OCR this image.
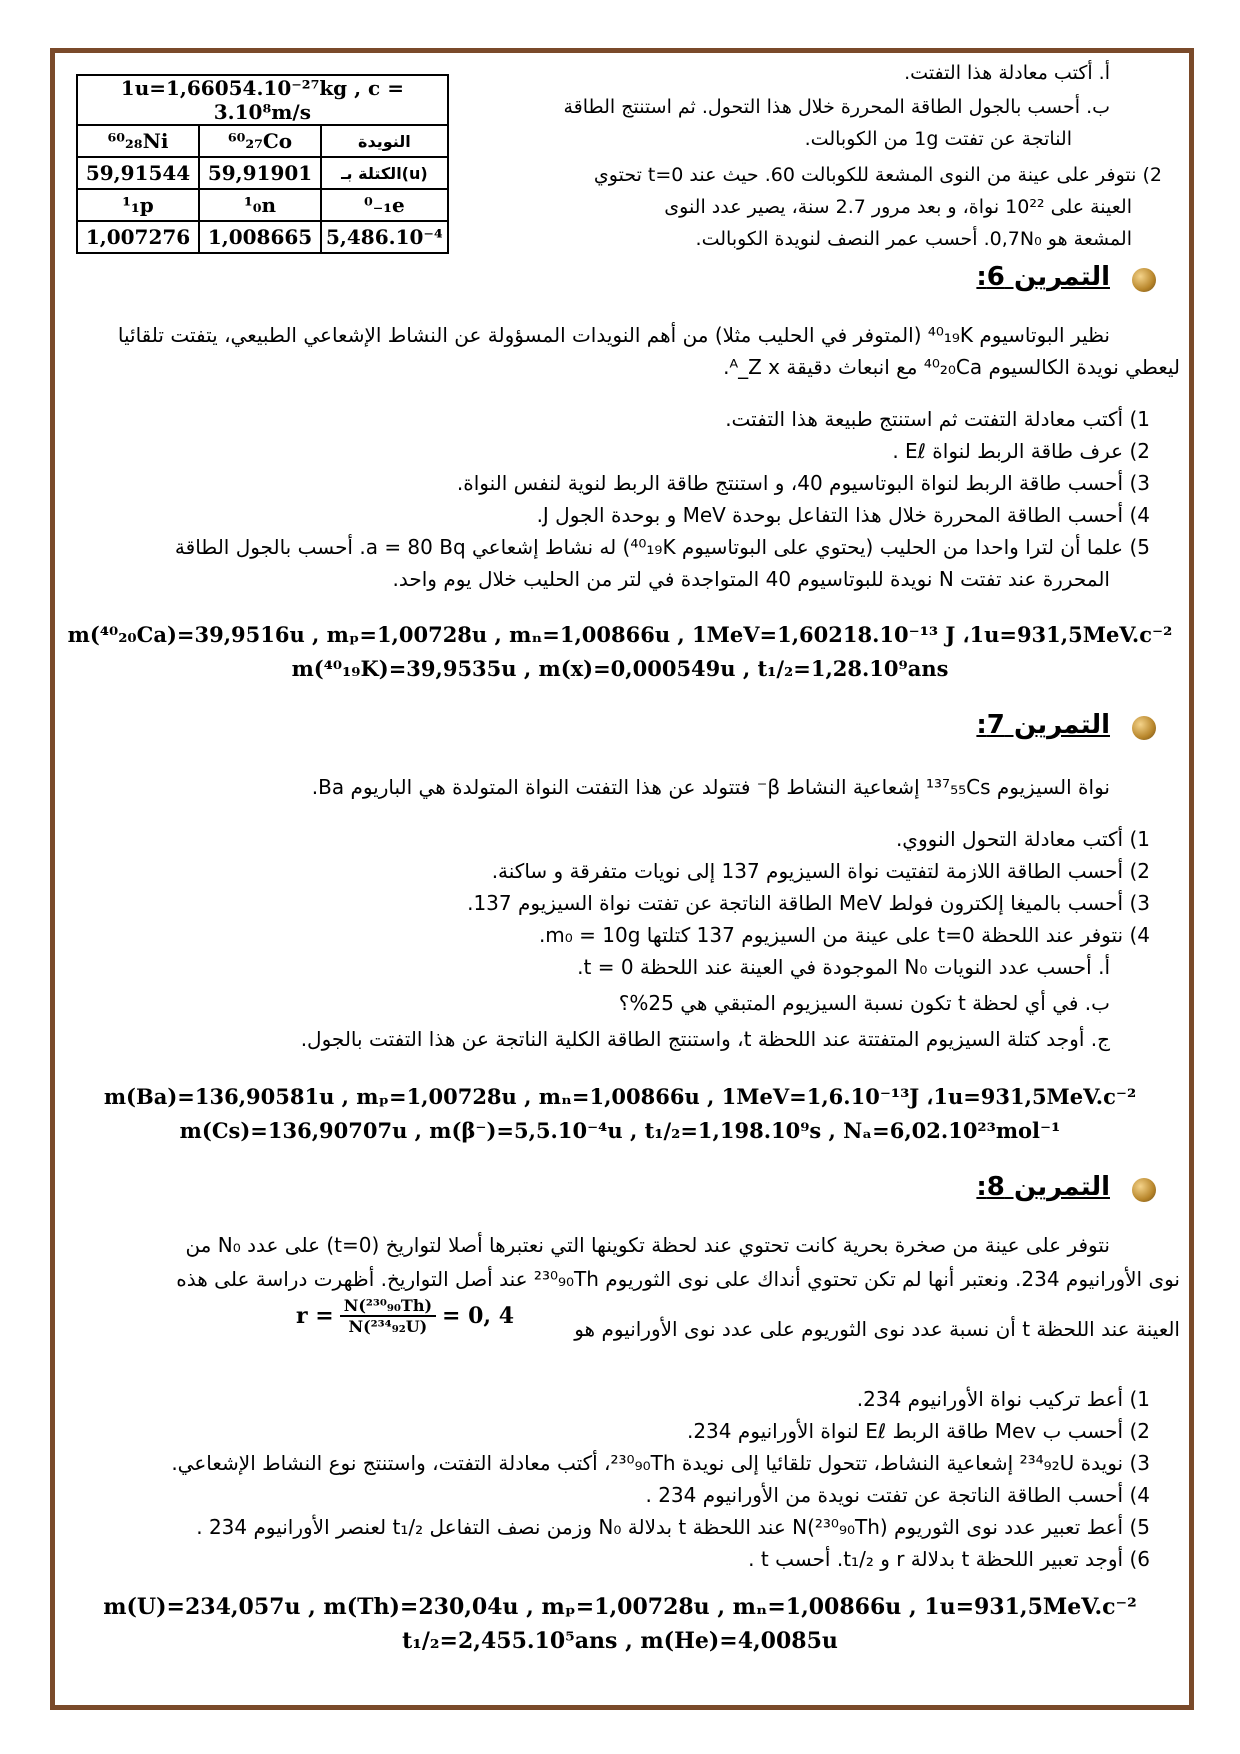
1u=1,66054.10⁻²⁷kg , c = 3.10⁸m/s		
⁶⁰₂₈Ni	⁶⁰₂₇Co	النويدة
59,91544	59,91901	الكتلة بـ(u)
¹₁p	¹₀n	⁰₋₁e
1,007276	1,008665	5,486.10⁻⁴
أ. أكتب معادلة هذا التفتت.
ب. أحسب بالجول الطاقة المحررة خلال هذا التحول. ثم استنتج الطاقة
الناتجة عن تفتت 1g من الكوبالت.
2) نتوفر على عينة من النوى المشعة للكوبالت 60. حيث عند t=0 تحتوي
العينة على 10²² نواة، و بعد مرور 2.7 سنة، يصير عدد النوى
المشعة هو 0,7N₀. أحسب عمر النصف لنويدة الكوبالت.
التمرين 6:
نظير البوتاسيوم ⁴⁰₁₉K (المتوفر في الحليب مثلا) من أهم النويدات المسؤولة عن النشاط الإشعاعي الطبيعي، يتفتت تلقائيا
ليعطي نويدة الكالسيوم ⁴⁰₂₀Ca مع انبعاث دقيقة ᴬ_Z x.
1) أكتب معادلة التفتت ثم استنتج طبيعة هذا التفتت.
2) عرف طاقة الربط لنواة Eℓ .
3) أحسب طاقة الربط لنواة البوتاسيوم 40، و استنتج طاقة الربط لنوية لنفس النواة.
4) أحسب الطاقة المحررة خلال هذا التفاعل بوحدة MeV و بوحدة الجول J.
5) علما أن لترا واحدا من الحليب (يحتوي على البوتاسيوم ⁴⁰₁₉K) له نشاط إشعاعي a = 80 Bq. أحسب بالجول الطاقة
المحررة عند تفتت N نويدة للبوتاسيوم 40 المتواجدة في لتر من الحليب خلال يوم واحد.
m(⁴⁰₂₀Ca)=39,9516u , mₚ=1,00728u , mₙ=1,00866u , 1MeV=1,60218.10⁻¹³ J ،1u=931,5MeV.c⁻²
m(⁴⁰₁₉K)=39,9535u , m(x)=0,000549u , t₁/₂=1,28.10⁹ans
التمرين 7:
نواة السيزيوم ¹³⁷₅₅Cs إشعاعية النشاط β⁻ فتتولد عن هذا التفتت النواة المتولدة هي الباريوم Ba.
1) أكتب معادلة التحول النووي.
2) أحسب الطاقة اللازمة لتفتيت نواة السيزيوم 137 إلى نويات متفرقة و ساكنة.
3) أحسب بالميغا إلكترون فولط MeV الطاقة الناتجة عن تفتت نواة السيزيوم 137.
4) نتوفر عند اللحظة t=0 على عينة من السيزيوم 137 كتلتها m₀ = 10g.
أ. أحسب عدد النويات N₀ الموجودة في العينة عند اللحظة t = 0.
ب. في أي لحظة t تكون نسبة السيزيوم المتبقي هي 25%؟
ج. أوجد كتلة السيزيوم المتفتتة عند اللحظة t، واستنتج الطاقة الكلية الناتجة عن هذا التفتت بالجول.
m(Ba)=136,90581u , mₚ=1,00728u , mₙ=1,00866u , 1MeV=1,6.10⁻¹³J ،1u=931,5MeV.c⁻²
m(Cs)=136,90707u , m(β⁻)=5,5.10⁻⁴u , t₁/₂=1,198.10⁹s , Nₐ=6,02.10²³mol⁻¹
التمرين 8:
نتوفر على عينة من صخرة بحرية كانت تحتوي عند لحظة تكوينها التي نعتبرها أصلا لتواريخ (t=0) على عدد N₀ من
نوى الأورانيوم 234. ونعتبر أنها لم تكن تحتوي أنداك على نوى الثوريوم ²³⁰₉₀Th عند أصل التواريخ. أظهرت دراسة على هذه
العينة عند اللحظة t أن نسبة عدد نوى الثوريوم على عدد نوى الأورانيوم هو
$r = \frac{\text{N(²³⁰₉₀Th)}}{\text{N(²³⁴₉₂U)}} = 0$, 4
1) أعط تركيب نواة الأورانيوم 234.
2) أحسب ب Mev طاقة الربط Eℓ لنواة الأورانيوم 234.
3) نويدة ²³⁴₉₂U إشعاعية النشاط، تتحول تلقائيا إلى نويدة ²³⁰₉₀Th، أكتب معادلة التفتت، واستنتج نوع النشاط الإشعاعي.
4) أحسب الطاقة الناتجة عن تفتت نويدة من الأورانيوم 234 .
5) أعط تعبير عدد نوى الثوريوم N(²³⁰₉₀Th) عند اللحظة t بدلالة N₀ وزمن نصف التفاعل t₁/₂ لعنصر الأورانيوم 234 .
6) أوجد تعبير اللحظة t بدلالة r و t₁/₂. أحسب t .
m(U)=234,057u , m(Th)=230,04u , mₚ=1,00728u , mₙ=1,00866u , 1u=931,5MeV.c⁻²
t₁/₂=2,455.10⁵ans , m(He)=4,0085u
